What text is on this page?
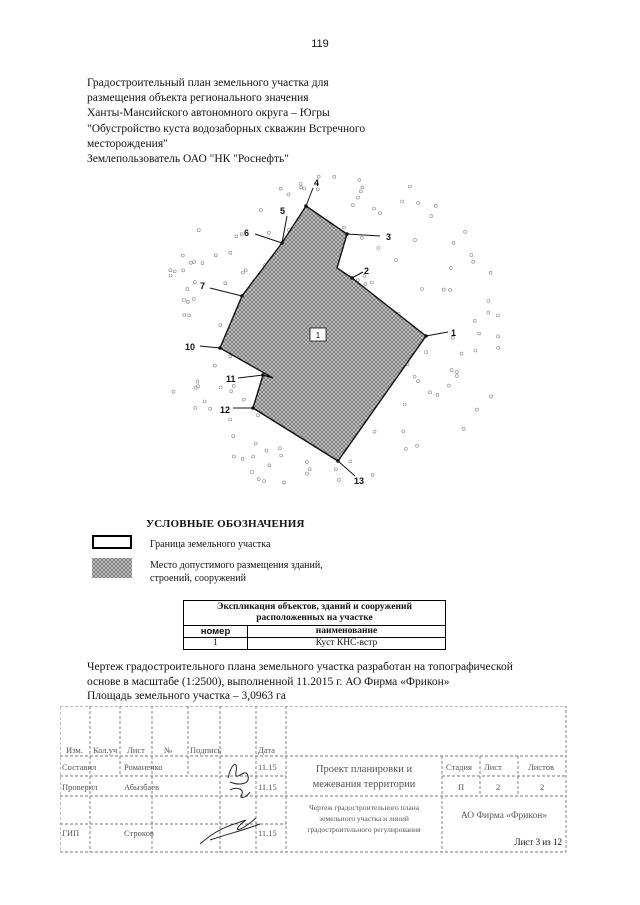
119
Градостроительный план земельного участка для
размещения объекта регионального значения
Ханты-Мансийского автономного округа – Югры
"Обустройство куста водозаборных скважин Встречного
месторождения"
Землепользователь ОАО "НК "Роснефть"
1
2
3
4
5
6
7
10
11
12
13
1
УСЛОВНЫЕ ОБОЗНАЧЕНИЯ
Граница земельного участка
Место допустимого размещения зданий,
строений, сооружений
Экспликация объектов, зданий и сооружений
расположенных на участке	

номер	наименование
1	Куст КНС-встр
Чертеж градостроительного плана земельного участка разработан на топографической
основе в масштабе (1:2500), выполненной 11.2015 г. АО Фирма «Фрикон»
Площадь земельного участка – 3,0963 га
Изм. Кол.уч Лист № Подпись	Дата
Составил	Романенко	11.15
Проверил	Абызбаев	11.15
ГИП	Строков	11.15
Стадия Лист	Листов
П	2	2
Проект планировки и
межевания территории
Чертеж градостроительного плана
земельного участка и линий
градостроительного регулирования
АО Фирма «Фрикон»
Лист 3 из 12
